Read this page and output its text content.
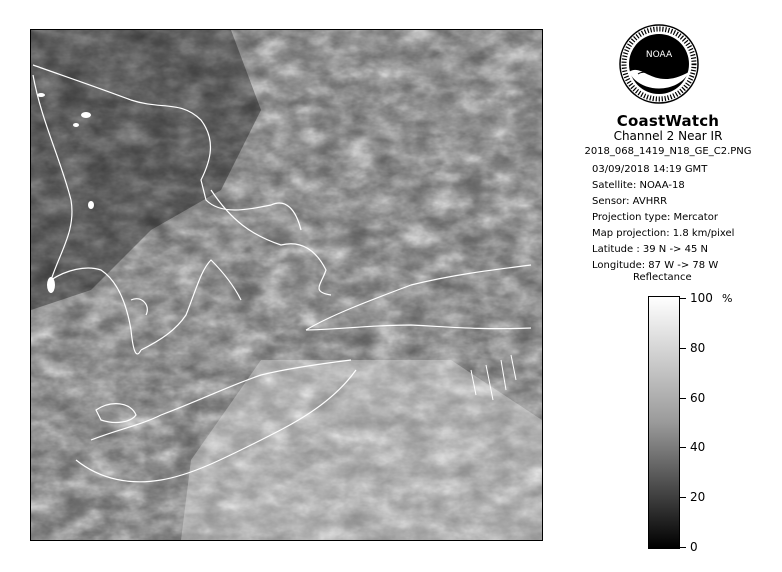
NOAA
CoastWatch
Channel 2 Near IR
2018_068_1419_N18_GE_C2.PNG
03/09/2018 14:19 GMT
Satellite: NOAA-18
Sensor: AVHRR
Projection type: Mercator
Map projection: 1.8 km/pixel
Latitude : 39 N -> 45 N
Longitude: 87 W -> 78 W
Reflectance
%
100
80
60
40
20
0
